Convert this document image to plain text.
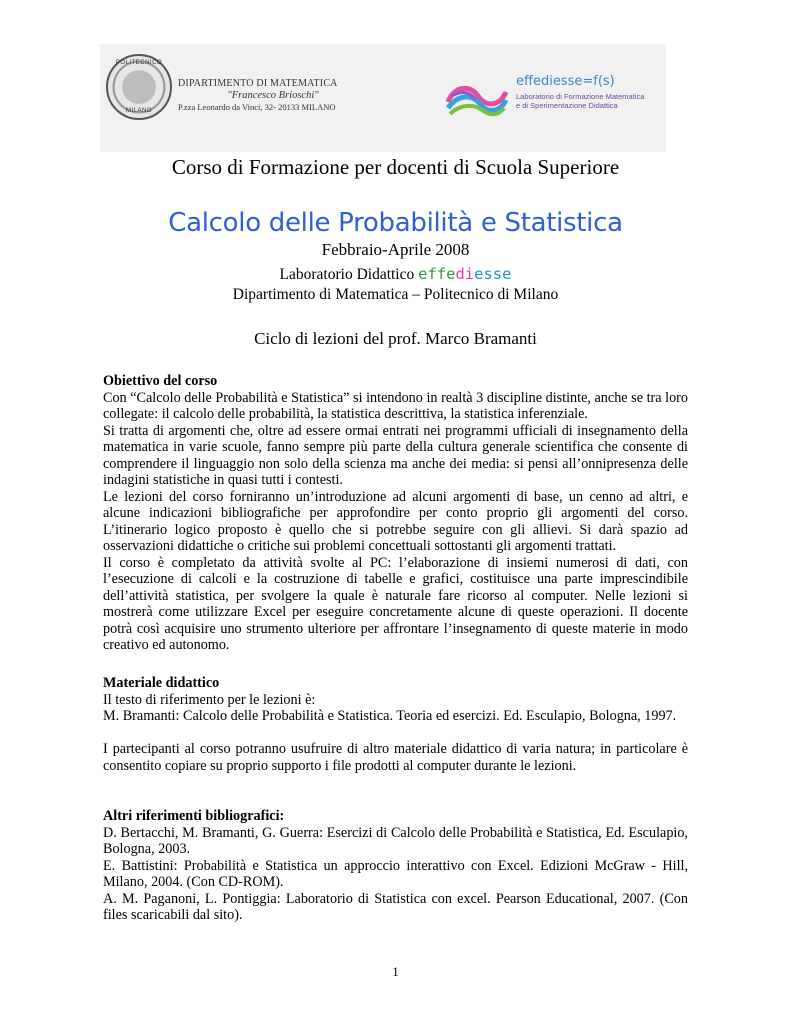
POLITECNICO
MILANO
DIPARTIMENTO DI MATEMATICA
"Francesco Brioschi"
P.zza Leonardo da Vinci, 32- 20133 MILANO
effediesse=f(s)
Laboratorio di Formazione Matematica
e di Sperimentazione Didattica
Corso di Formazione per docenti di Scuola Superiore
Calcolo delle Probabilità e Statistica
Febbraio-Aprile 2008
Laboratorio Didattico effediesse
Dipartimento di Matematica – Politecnico di Milano
Ciclo di lezioni del prof. Marco Bramanti
Obiettivo del corso

Con “Calcolo delle Probabilità e Statistica” si intendono in realtà 3 discipline distinte, anche se tra loro collegate: il calcolo delle probabilità, la statistica descrittiva, la statistica inferenziale.

Si tratta di argomenti che, oltre ad essere ormai entrati nei programmi ufficiali di insegnamento della matematica in varie scuole, fanno sempre più parte della cultura generale scientifica che consente di comprendere il linguaggio non solo della scienza ma anche dei media: si pensi all’onnipresenza delle indagini statistiche in quasi tutti i contesti.

Le lezioni del corso forniranno un’introduzione ad alcuni argomenti di base, un cenno ad altri, e alcune indicazioni bibliografiche per approfondire per conto proprio gli argomenti del corso. L’itinerario logico proposto è quello che si potrebbe seguire con gli allievi. Si darà spazio ad osservazioni didattiche o critiche sui problemi concettuali sottostanti gli argomenti trattati.

Il corso è completato da attività svolte al PC: l’elaborazione di insiemi numerosi di dati, con l’esecuzione di calcoli e la costruzione di tabelle e grafici, costituisce una parte imprescindibile dell’attività statistica, per svolgere la quale è naturale fare ricorso al computer. Nelle lezioni si mostrerà come utilizzare Excel per eseguire concretamente alcune di queste operazioni. Il docente potrà così acquisire uno strumento ulteriore per affrontare l’insegnamento di queste materie in modo creativo ed autonomo.

Materiale didattico

Il testo di riferimento per le lezioni è:

M. Bramanti: Calcolo delle Probabilità e Statistica. Teoria ed esercizi. Ed. Esculapio, Bologna, 1997.

I partecipanti al corso potranno usufruire di altro materiale didattico di varia natura; in particolare è consentito copiare su proprio supporto i file prodotti al computer durante le lezioni.

Altri riferimenti bibliografici:

D. Bertacchi, M. Bramanti, G. Guerra: Esercizi di Calcolo delle Probabilità e Statistica, Ed. Esculapio, Bologna, 2003.

E. Battistini: Probabilità e Statistica un approccio interattivo con Excel. Edizioni McGraw - Hill, Milano, 2004. (Con CD-ROM).

A. M. Paganoni, L. Pontiggia: Laboratorio di Statistica con excel. Pearson Educational, 2007. (Con files scaricabili dal sito).

1
